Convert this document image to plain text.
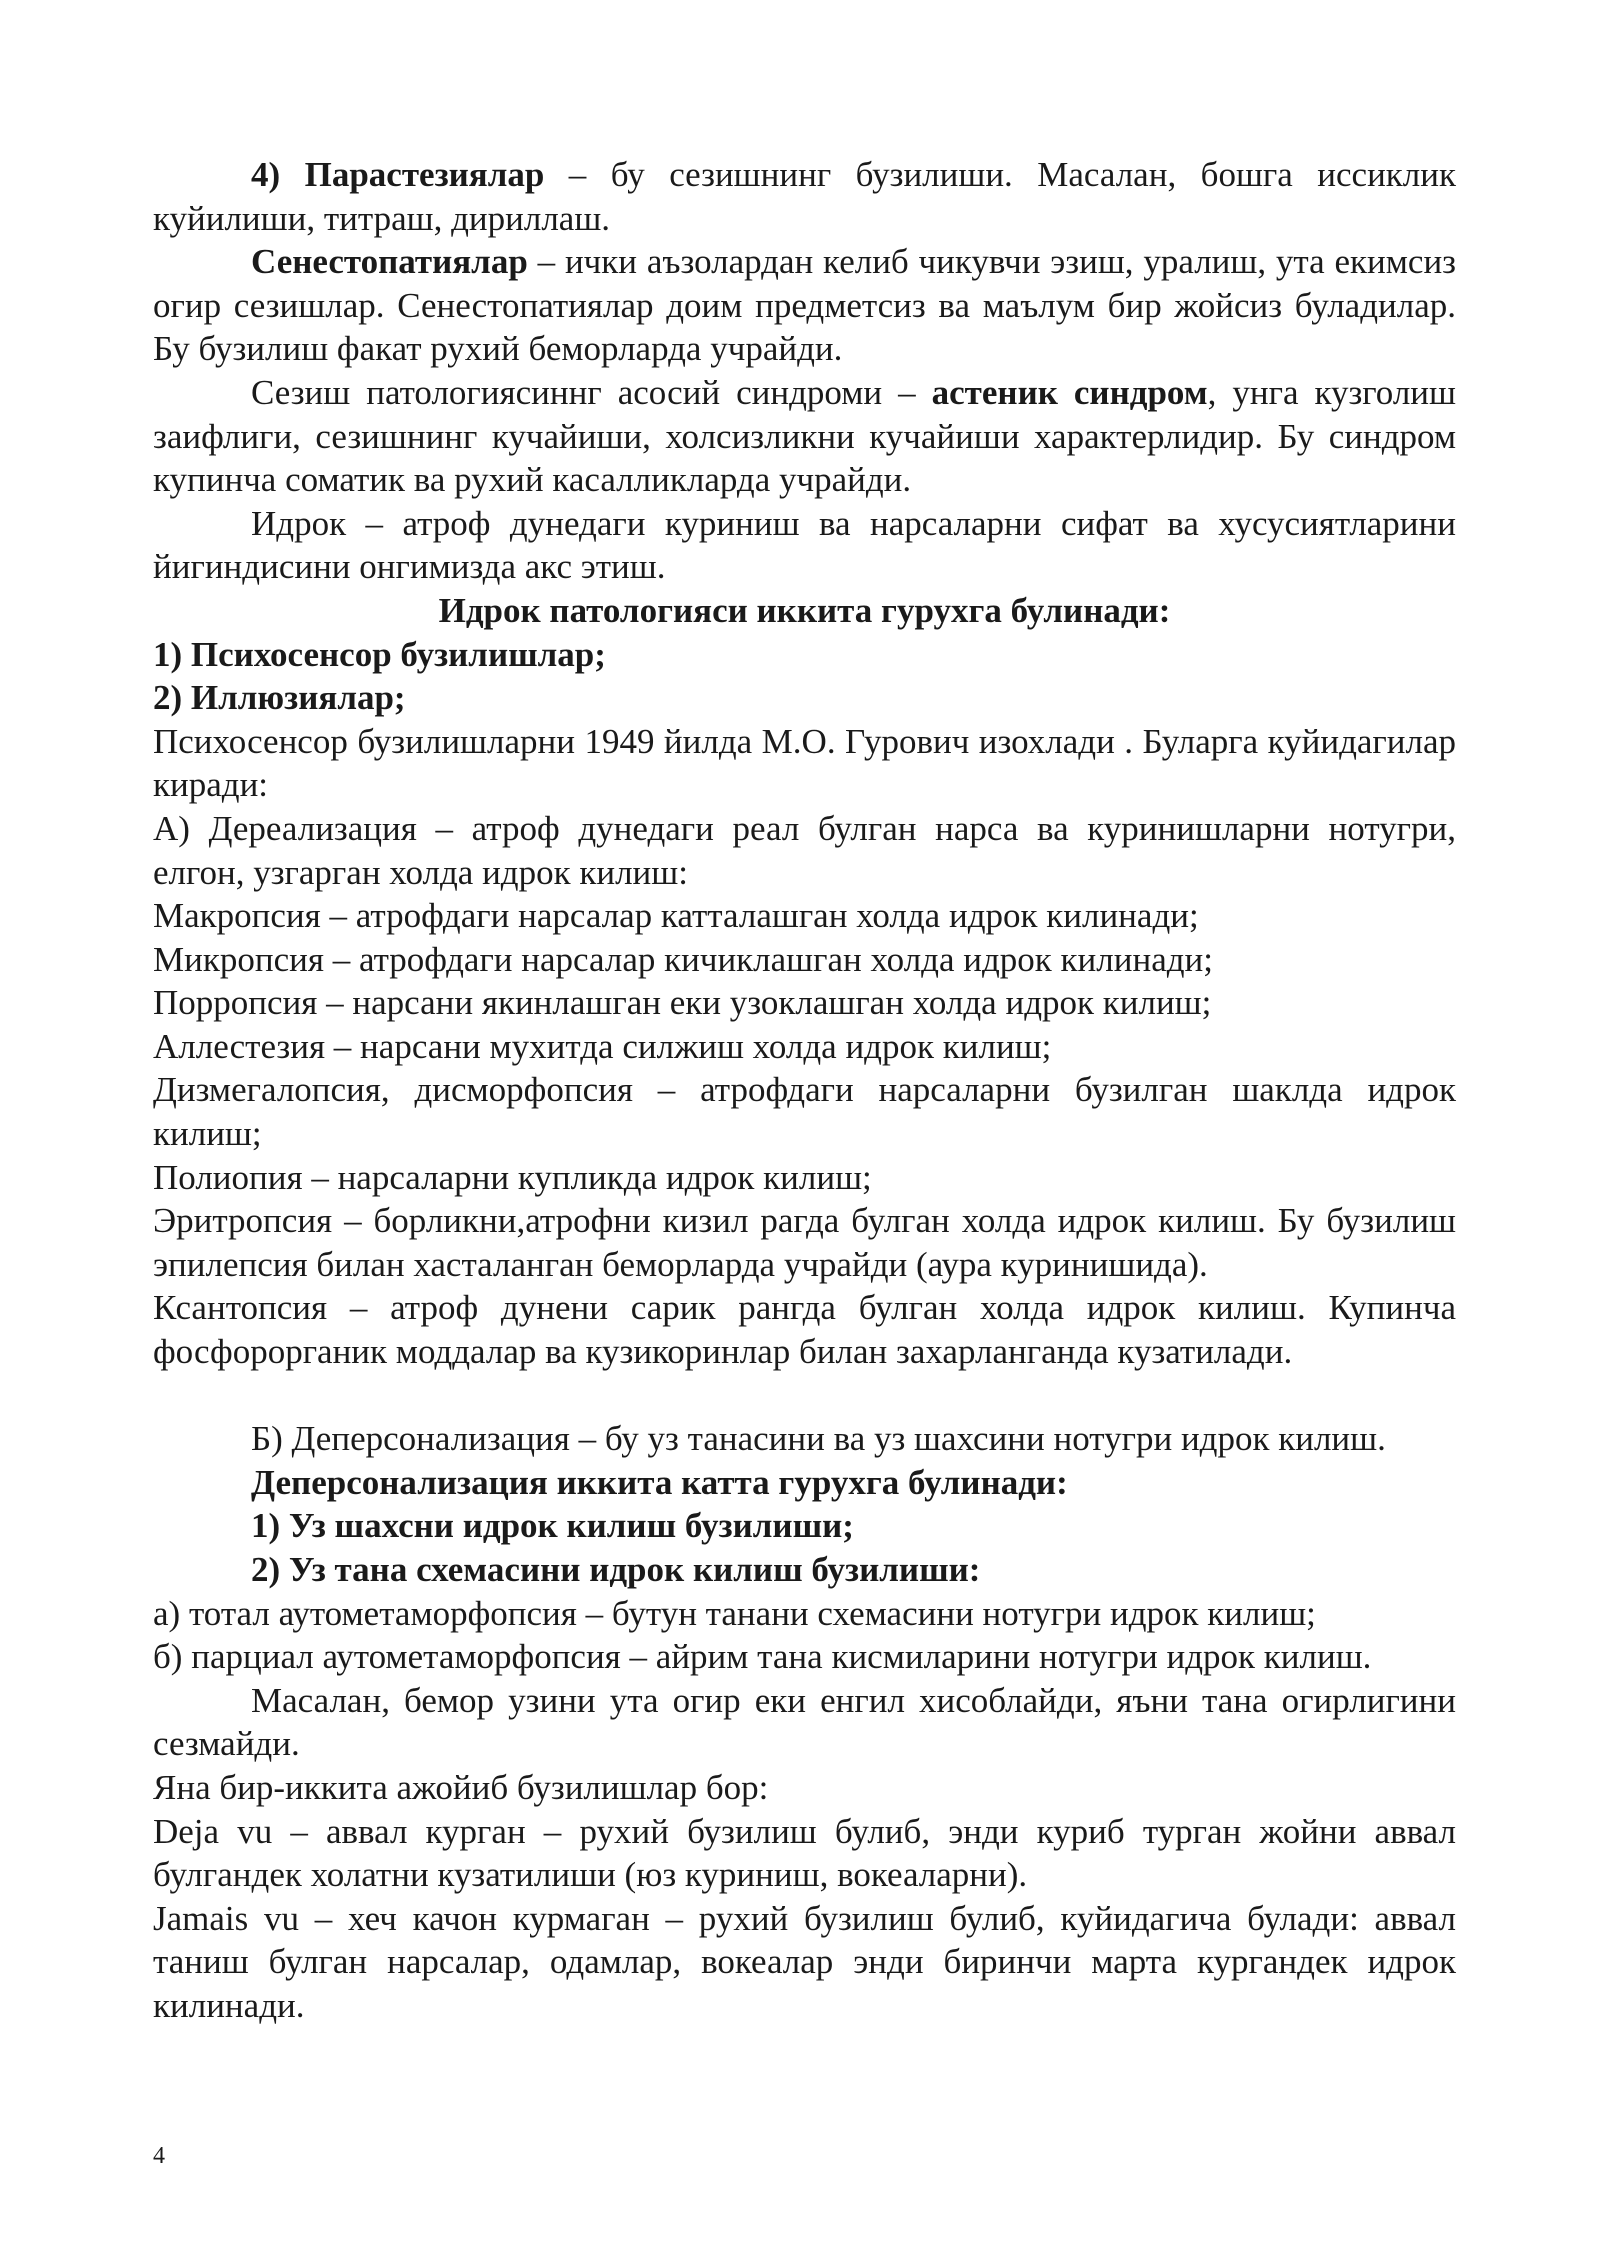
4) Парастезиялар – бу сезишнинг бузилиши. Масалан, бошга иссиклик куйилиши, титраш, дириллаш.

Сенестопатиялар – ички аъзолардан келиб чикувчи эзиш, уралиш, ута екимсиз огир сезишлар. Сенестопатиялар доим предметсиз ва маълум бир жойсиз буладилар. Бу бузилиш факат рухий беморларда учрайди.

Сезиш патологиясиннг асосий синдроми – астеник синдром, унга кузголиш заифлиги, сезишнинг кучайиши, холсизликни кучайиши характерлидир. Бу синдром купинча соматик ва рухий касалликларда учрайди.

Идрок – атроф дунедаги куриниш ва нарсаларни сифат ва хусусиятларини йигиндисини онгимизда акс этиш.

Идрок патологияси иккита гурухга булинади:

1) Психосенсор бузилишлар;

2) Иллюзиялар;

Психосенсор бузилишларни 1949 йилда М.О. Гурович изохлади . Буларга куйидагилар киради:

А) Дереализация – атроф дунедаги реал булган нарса ва куринишларни нотугри, елгон, узгарган холда идрок килиш:

Макропсия – атрофдаги нарсалар катталашган холда идрок килинади;

Микропсия – атрофдаги нарсалар кичиклашган холда идрок килинади;

Порропсия – нарсани якинлашган еки узоклашган холда идрок килиш;

Аллестезия – нарсани мухитда силжиш холда идрок килиш;

Дизмегалопсия, дисморфопсия – атрофдаги нарсаларни бузилган шаклда идрок килиш;

Полиопия – нарсаларни купликда идрок килиш;

Эритропсия – борликни,атрофни кизил рагда булган холда идрок килиш. Бу бузилиш эпилепсия билан хасталанган беморларда учрайди (аура куринишида).

Ксантопсия – атроф дунени сарик рангда булган холда идрок килиш. Купинча фосфорорганик моддалар ва кузикоринлар билан захарланганда кузатилади.

Б) Деперсонализация – бу уз танасини ва уз шахсини нотугри идрок килиш.

Деперсонализация иккита катта гурухга булинади:

1) Уз шахсни идрок килиш бузилиши;

2) Уз тана схемасини идрок килиш бузилиши:

а) тотал аутометаморфопсия – бутун танани схемасини нотугри идрок килиш;

б) парциал аутометаморфопсия – айрим тана кисмиларини нотугри идрок килиш.

Масалан, бемор узини ута огир еки енгил хисоблайди, яъни тана огирлигини сезмайди.

Яна бир-иккита ажойиб бузилишлар бор:

Deja vu – аввал курган – рухий бузилиш булиб, энди куриб турган жойни аввал булгандек холатни кузатилиши (юз куриниш, вокеаларни).

Jamais vu – хеч качон курмаган – рухий бузилиш булиб, куйидагича булади: аввал таниш булган нарсалар, одамлар, вокеалар энди биринчи марта кургандек идрок килинади.

4
